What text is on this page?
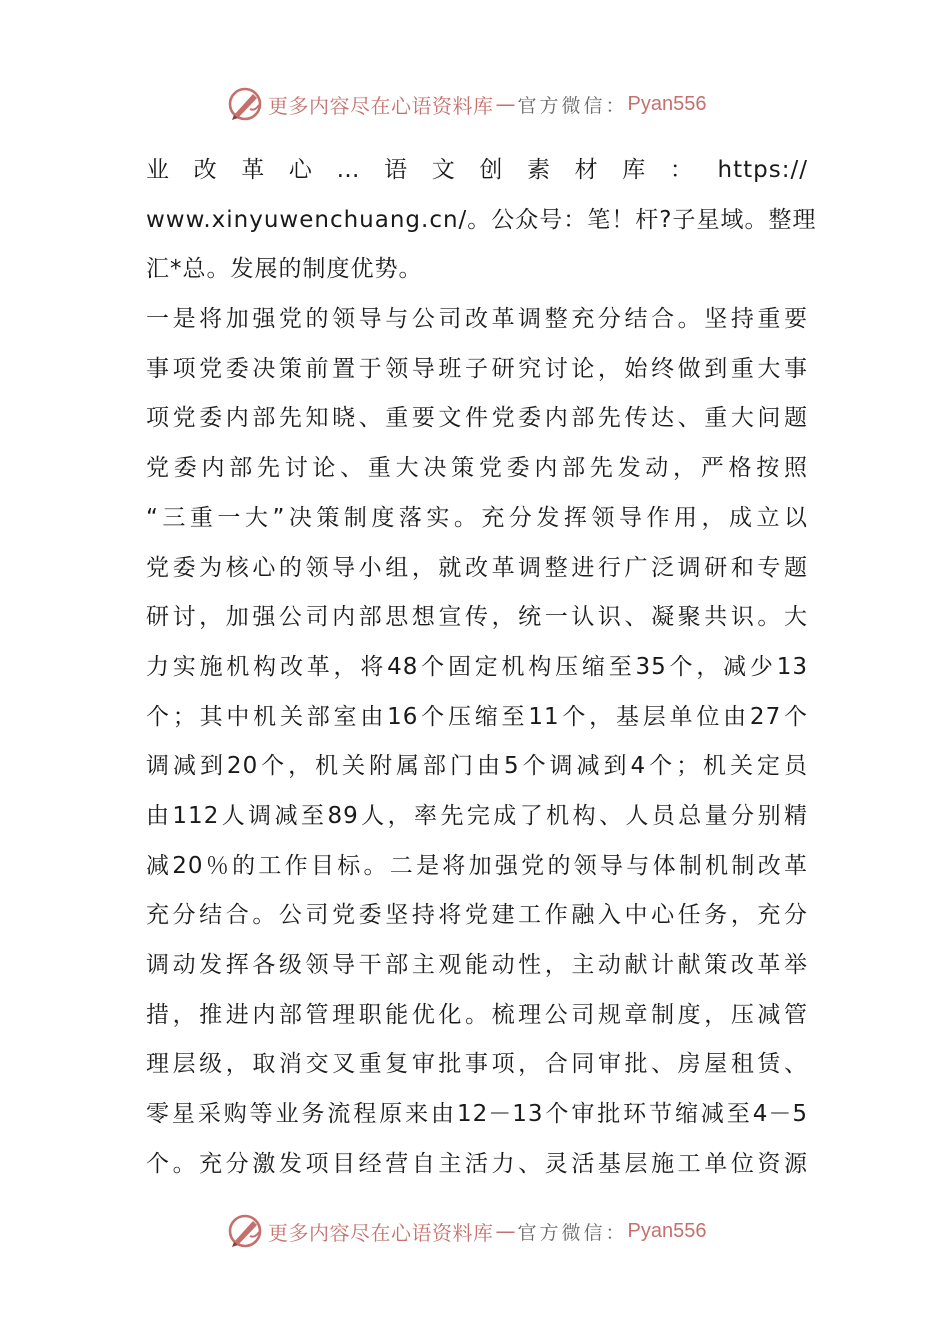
更多内容尽在心语资料库 — 官方微信： Pyan556
业改革心…语文创素材库：https://
www.xinyuwenchuang.cn/。公众号：笔！杆?子星域。整理
汇*总。发展的制度优势。
一是将加强党的领导与公司改革调整充分结合。坚持重要
事项党委决策前置于领导班子研究讨论，始终做到重大事
项党委内部先知晓、重要文件党委内部先传达、重大问题
党委内部先讨论、重大决策党委内部先发动，严格按照
“三重一大”决策制度落实。充分发挥领导作用，成立以
党委为核心的领导小组，就改革调整进行广泛调研和专题
研讨，加强公司内部思想宣传，统一认识、凝聚共识。大
力实施机构改革，将48个固定机构压缩至35个，减少13
个；其中机关部室由16个压缩至11个，基层单位由27个
调减到20个，机关附属部门由5个调减到4个；机关定员
由112人调减至89人，率先完成了机构、人员总量分别精
减20％的工作目标。二是将加强党的领导与体制机制改革
充分结合。公司党委坚持将党建工作融入中心任务，充分
调动发挥各级领导干部主观能动性，主动献计献策改革举
措，推进内部管理职能优化。梳理公司规章制度，压减管
理层级，取消交叉重复审批事项，合同审批、房屋租赁、
零星采购等业务流程原来由12－13个审批环节缩减至4－5
个。充分激发项目经营自主活力、灵活基层施工单位资源
更多内容尽在心语资料库 — 官方微信： Pyan556
